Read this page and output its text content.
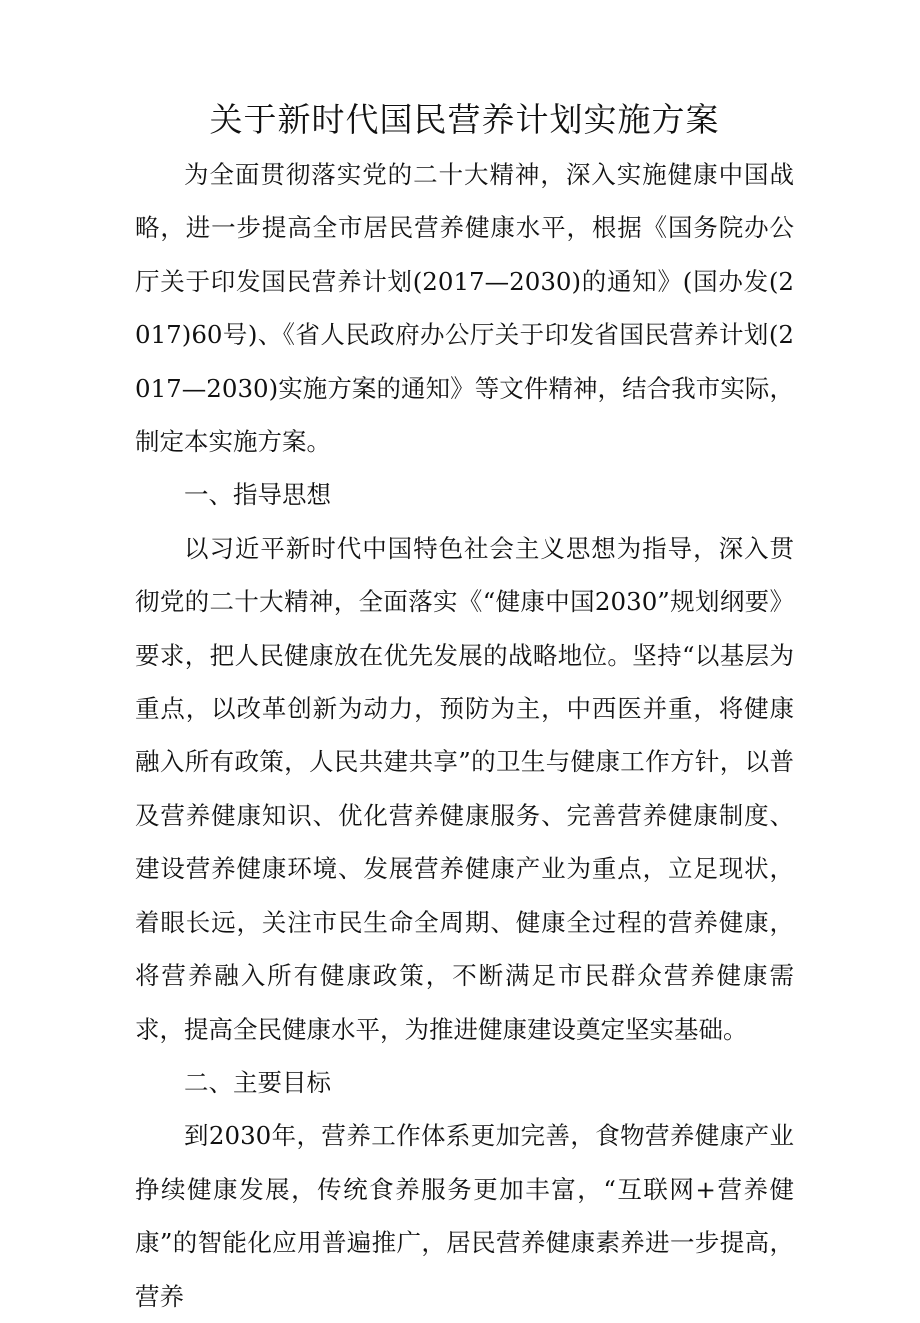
关于新时代国民营养计划实施方案

为全面贯彻落实党的二十大精神，深入实施健康中国战略，进一步提高全市居民营养健康水平，根据《国务院办公厅关于印发国民营养计划(2017—2030)的通知》(国办发(2017)60号)、《省人民政府办公厅关于印发省国民营养计划(2017—2030)实施方案的通知》等文件精神，结合我市实际，制定本实施方案。

一、指导思想

以习近平新时代中国特色社会主义思想为指导，深入贯彻党的二十大精神，全面落实《“健康中国2030”规划纲要》要求，把人民健康放在优先发展的战略地位。坚持“以基层为重点，以改革创新为动力，预防为主，中西医并重，将健康融入所有政策，人民共建共享”的卫生与健康工作方针，以普及营养健康知识、优化营养健康服务、完善营养健康制度、建设营养健康环境、发展营养健康产业为重点，立足现状，着眼长远，关注市民生命全周期、健康全过程的营养健康，将营养融入所有健康政策，不断满足市民群众营养健康需求，提高全民健康水平，为推进健康建设奠定坚实基础。

二、主要目标

到2030年，营养工作体系更加完善，食物营养健康产业挣续健康发展，传统食养服务更加丰富，“互联网+营养健康”的智能化应用普遍推广，居民营养健康素养进一步提高，营养
